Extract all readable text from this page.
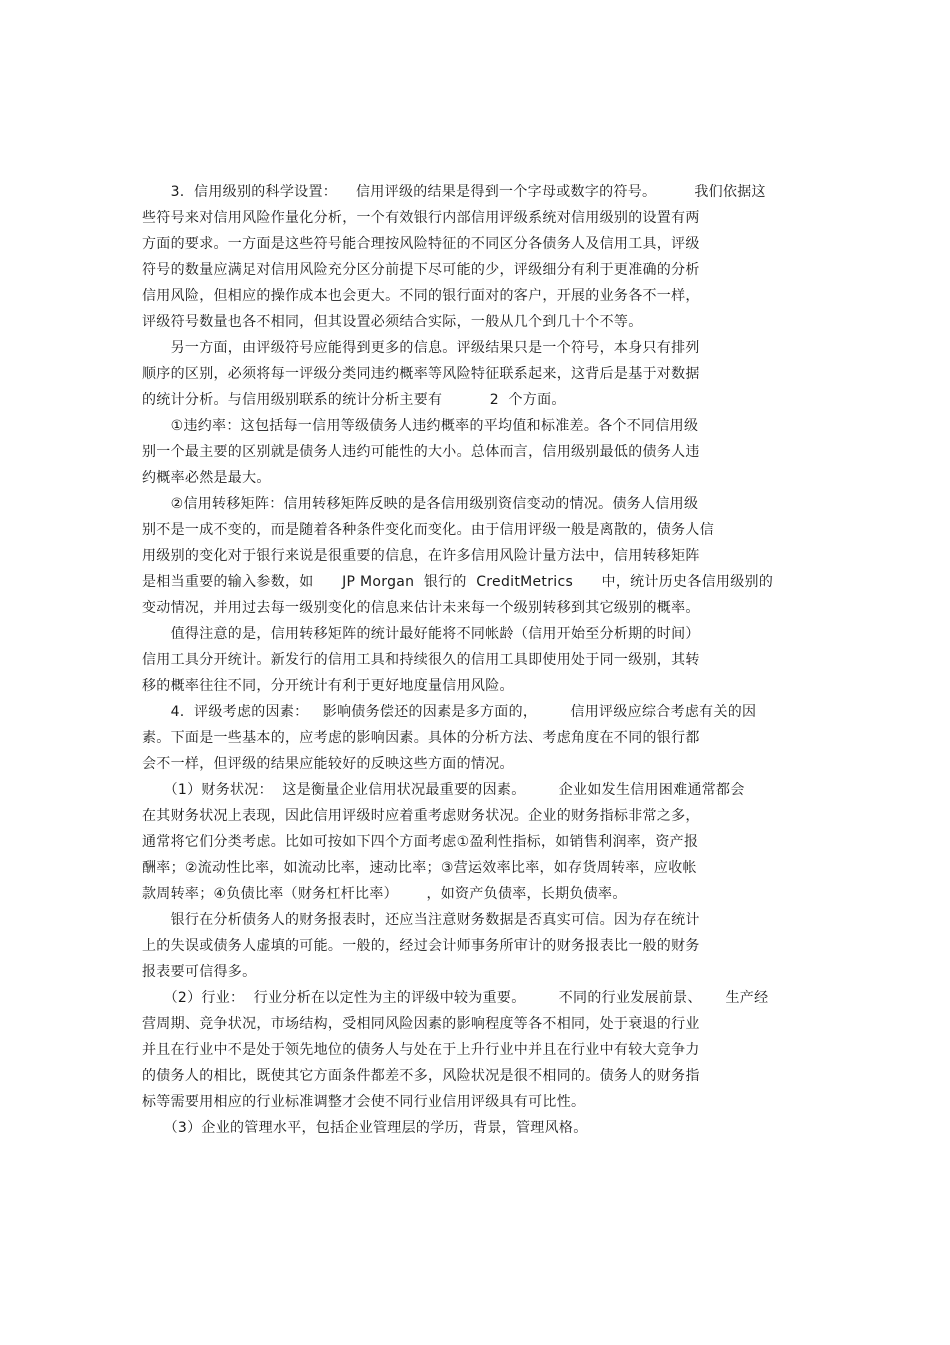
　　3.  信用级别的科学设置：    信用评级的结果是得到一个字母或数字的符号。        我们依据这
些符号来对信用风险作量化分析，一个有效银行内部信用评级系统对信用级别的设置有两
方面的要求。一方面是这些符号能合理按风险特征的不同区分各债务人及信用工具，评级
符号的数量应满足对信用风险充分区分前提下尽可能的少，评级细分有利于更准确的分析
信用风险，但相应的操作成本也会更大。不同的银行面对的客户，开展的业务各不一样，
评级符号数量也各不相同，但其设置必须结合实际，一般从几个到几十个不等。
　　另一方面，由评级符号应能得到更多的信息。评级结果只是一个符号，本身只有排列
顺序的区别，必须将每一评级分类同违约概率等风险特征联系起来，这背后是基于对数据
的统计分析。与信用级别联系的统计分析主要有          2  个方面。
　　①违约率：这包括每一信用等级债务人违约概率的平均值和标准差。各个不同信用级
别一个最主要的区别就是债务人违约可能性的大小。总体而言，信用级别最低的债务人违
约概率必然是最大。
　　②信用转移矩阵：信用转移矩阵反映的是各信用级别资信变动的情况。债务人信用级
别不是一成不变的，而是随着各种条件变化而变化。由于信用评级一般是离散的，债务人信
用级别的变化对于银行来说是很重要的信息，在许多信用风险计量方法中，信用转移矩阵
是相当重要的输入参数，如      JP Morgan  银行的  CreditMetrics      中，统计历史各信用级别的
变动情况，并用过去每一级别变化的信息来估计未来每一个级别转移到其它级别的概率。
　　值得注意的是，信用转移矩阵的统计最好能将不同帐龄（信用开始至分析期的时间）
信用工具分开统计。新发行的信用工具和持续很久的信用工具即使用处于同一级别，其转
移的概率往往不同，分开统计有利于更好地度量信用风险。
　　4.  评级考虑的因素：   影响债务偿还的因素是多方面的，       信用评级应综合考虑有关的因
素。下面是一些基本的，应考虑的影响因素。具体的分析方法、考虑角度在不同的银行都
会不一样，但评级的结果应能较好的反映这些方面的情况。
　　（1）财务状况：  这是衡量企业信用状况最重要的因素。       企业如发生信用困难通常都会
在其财务状况上表现，因此信用评级时应着重考虑财务状况。企业的财务指标非常之多，
通常将它们分类考虑。比如可按如下四个方面考虑①盈利性指标，如销售利润率，资产报
酬率；②流动性比率，如流动比率，速动比率；③营运效率比率，如存货周转率，应收帐
款周转率；④负债比率（财务杠杆比率）      ，如资产负债率，长期负债率。
　　银行在分析债务人的财务报表时，还应当注意财务数据是否真实可信。因为存在统计
上的失误或债务人虚填的可能。一般的，经过会计师事务所审计的财务报表比一般的财务
报表要可信得多。
　　（2）行业：  行业分析在以定性为主的评级中较为重要。       不同的行业发展前景、     生产经
营周期、竞争状况，市场结构，受相同风险因素的影响程度等各不相同，处于衰退的行业
并且在行业中不是处于领先地位的债务人与处在于上升行业中并且在行业中有较大竞争力
的债务人的相比，既使其它方面条件都差不多，风险状况是很不相同的。债务人的财务指
标等需要用相应的行业标准调整才会使不同行业信用评级具有可比性。
　　（3）企业的管理水平，包括企业管理层的学历，背景，管理风格。
